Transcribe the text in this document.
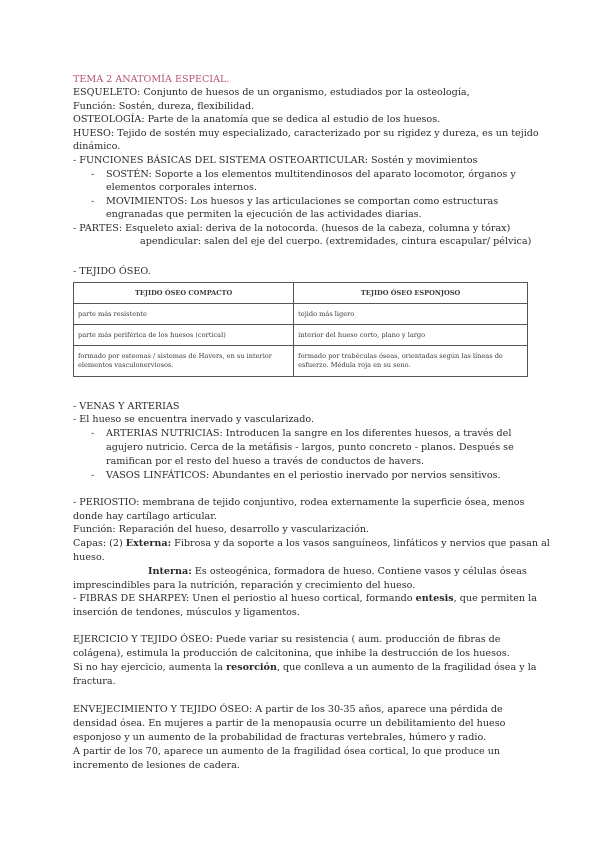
TEMA 2 ANATOMÍA ESPECIAL.
ESQUELETO: Conjunto de huesos de un organismo, estudiados por la osteología,
Función: Sostén, dureza, flexibilidad.
OSTEOLOGÍA: Parte de la anatomía que se dedica al estudio de los huesos.
HUESO: Tejido de sostén muy especializado, caracterizado por su rigidez y dureza, es un tejido
dinámico.
- FUNCIONES BÁSICAS DEL SISTEMA OSTEOARTICULAR: Sostén y movimientos
- SOSTÉN: Soporte a los elementos multitendinosos del aparato locomotor, órganos y
elementos corporales internos.
- MOVIMIENTOS: Los huesos y las articulaciones se comportan como estructuras
engranadas que permiten la ejecución de las actividades diarias.
- PARTES: Esqueleto axial: deriva de la notocorda. (huesos de la cabeza, columna y tórax)
apendicular: salen del eje del cuerpo. (extremidades, cintura escapular/ pélvica)
- TEJIDO ÓSEO.
TEJIDO ÓSEO COMPACTO	TEJIDO ÓSEO ESPONJOSO
parte más resistente	tejido más ligero
parte más periférica de los huesos (cortical)	interior del hueso corto, plano y largo
formado por osteonas / sistemas de Havers, en su interior elementos vasculonerviosos.	formado por trabéculas óseas, orientadas según las líneas de esfuerzo. Médula roja en su seno.
- VENAS Y ARTERIAS
- El hueso se encuentra inervado y vascularizado.
- ARTERIAS NUTRICIAS: Introducen la sangre en los diferentes huesos, a través del
agujero nutricio. Cerca de la metáfisis - largos, punto concreto - planos. Después se
ramifican por el resto del hueso a través de conductos de havers.
- VASOS LINFÁTICOS: Abundantes en el periostio inervado por nervios sensitivos.
- PERIOSTIO: membrana de tejido conjuntivo, rodea externamente la superficie ósea, menos
donde hay cartílago articular.
Función: Reparación del hueso, desarrollo y vascularización.
Capas: (2) Externa: Fibrosa y da soporte a los vasos sanguíneos, linfáticos y nervios que pasan al
hueso.
Interna: Es osteogénica, formadora de hueso. Contiene vasos y células óseas
imprescindibles para la nutrición, reparación y crecimiento del hueso.
- FIBRAS DE SHARPEY: Unen el periostio al hueso cortical, formando entesis, que permiten la
inserción de tendones, músculos y ligamentos.
EJERCICIO Y TEJIDO ÓSEO: Puede variar su resistencia ( aum. producción de fibras de
colágena), estimula la producción de calcitonina, que inhibe la destrucción de los huesos.
Si no hay ejercicio, aumenta la resorción, que conlleva a un aumento de la fragilidad ósea y la
fractura.
ENVEJECIMIENTO Y TEJIDO ÓSEO: A partir de los 30-35 años, aparece una pérdida de
densidad ósea. En mujeres a partir de la menopausia ocurre un debilitamiento del hueso
esponjoso y un aumento de la probabilidad de fracturas vertebrales, húmero y radio.
A partir de los 70, aparece un aumento de la fragilidad ósea cortical, lo que produce un
incremento de lesiones de cadera.
